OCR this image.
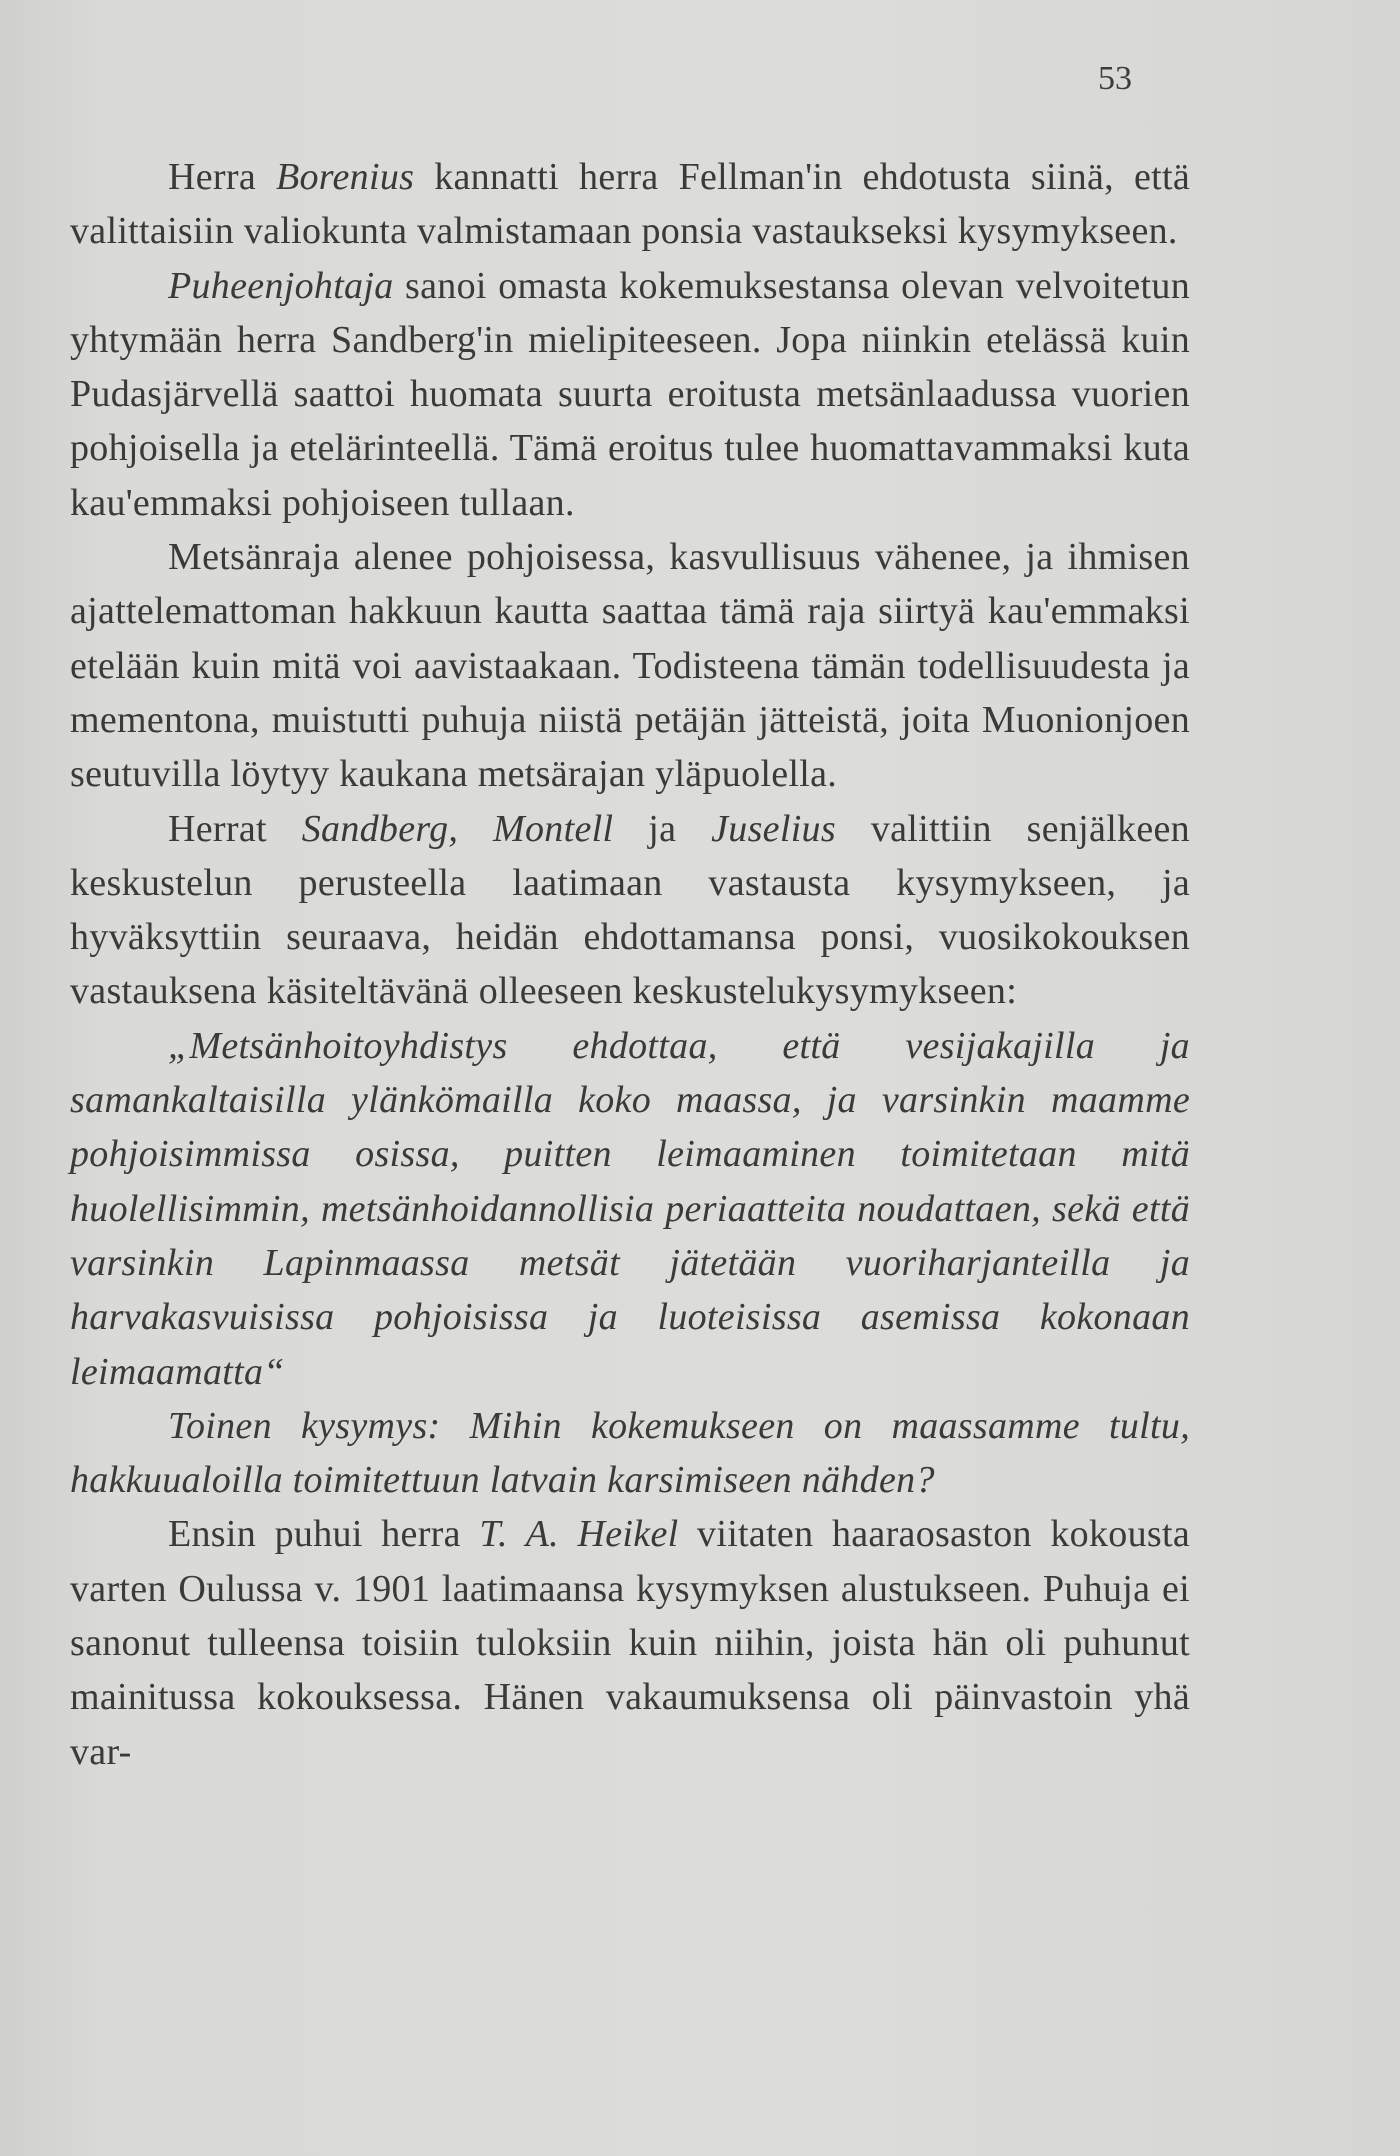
53

Herra Borenius kannatti herra Fellman'in ehdotusta siinä, että valittaisiin valiokunta valmistamaan ponsia vastaukseksi kysymykseen.

Puheenjohtaja sanoi omasta kokemuksestansa olevan velvoitetun yhtymään herra Sandberg'in mielipiteeseen. Jopa niinkin etelässä kuin Pudasjärvellä saattoi huomata suurta eroitusta metsänlaadussa vuorien pohjoisella ja etelärinteellä. Tämä eroitus tulee huomattavammaksi kuta kau'emmaksi pohjoiseen tullaan.

Metsänraja alenee pohjoisessa, kasvullisuus vähenee, ja ihmisen ajattelemattoman hakkuun kautta saattaa tämä raja siirtyä kau'emmaksi etelään kuin mitä voi aavistaakaan. Todisteena tämän todellisuudesta ja mementona, muistutti puhuja niistä petäjän jätteistä, joita Muonionjoen seutuvilla löytyy kaukana metsärajan yläpuolella.

Herrat Sandberg, Montell ja Juselius valittiin senjälkeen keskustelun perusteella laatimaan vastausta kysymykseen, ja hyväksyttiin seuraava, heidän ehdottamansa ponsi, vuosikokouksen vastauksena käsiteltävänä olleeseen keskustelukysymykseen:

„Metsänhoitoyhdistys ehdottaa, että vesijakajilla ja samankaltaisilla ylänkömailla koko maassa, ja varsinkin maamme pohjoisimmissa osissa, puitten leimaaminen toimitetaan mitä huolellisimmin, metsänhoidannollisia periaatteita noudattaen, sekä että varsinkin Lapinmaassa metsät jätetään vuoriharjanteilla ja harvakasvuisissa pohjoisissa ja luoteisissa asemissa kokonaan leimaamatta“

Toinen kysymys: Mihin kokemukseen on maassamme tultu, hakkuualoilla toimitettuun latvain karsimiseen nähden?

Ensin puhui herra T. A. Heikel viitaten haaraosaston kokousta varten Oulussa v. 1901 laatimaansa kysymyksen alustukseen. Puhuja ei sanonut tulleensa toisiin tuloksiin kuin niihin, joista hän oli puhunut mainitussa kokouksessa. Hänen vakaumuksensa oli päinvastoin yhä var-
